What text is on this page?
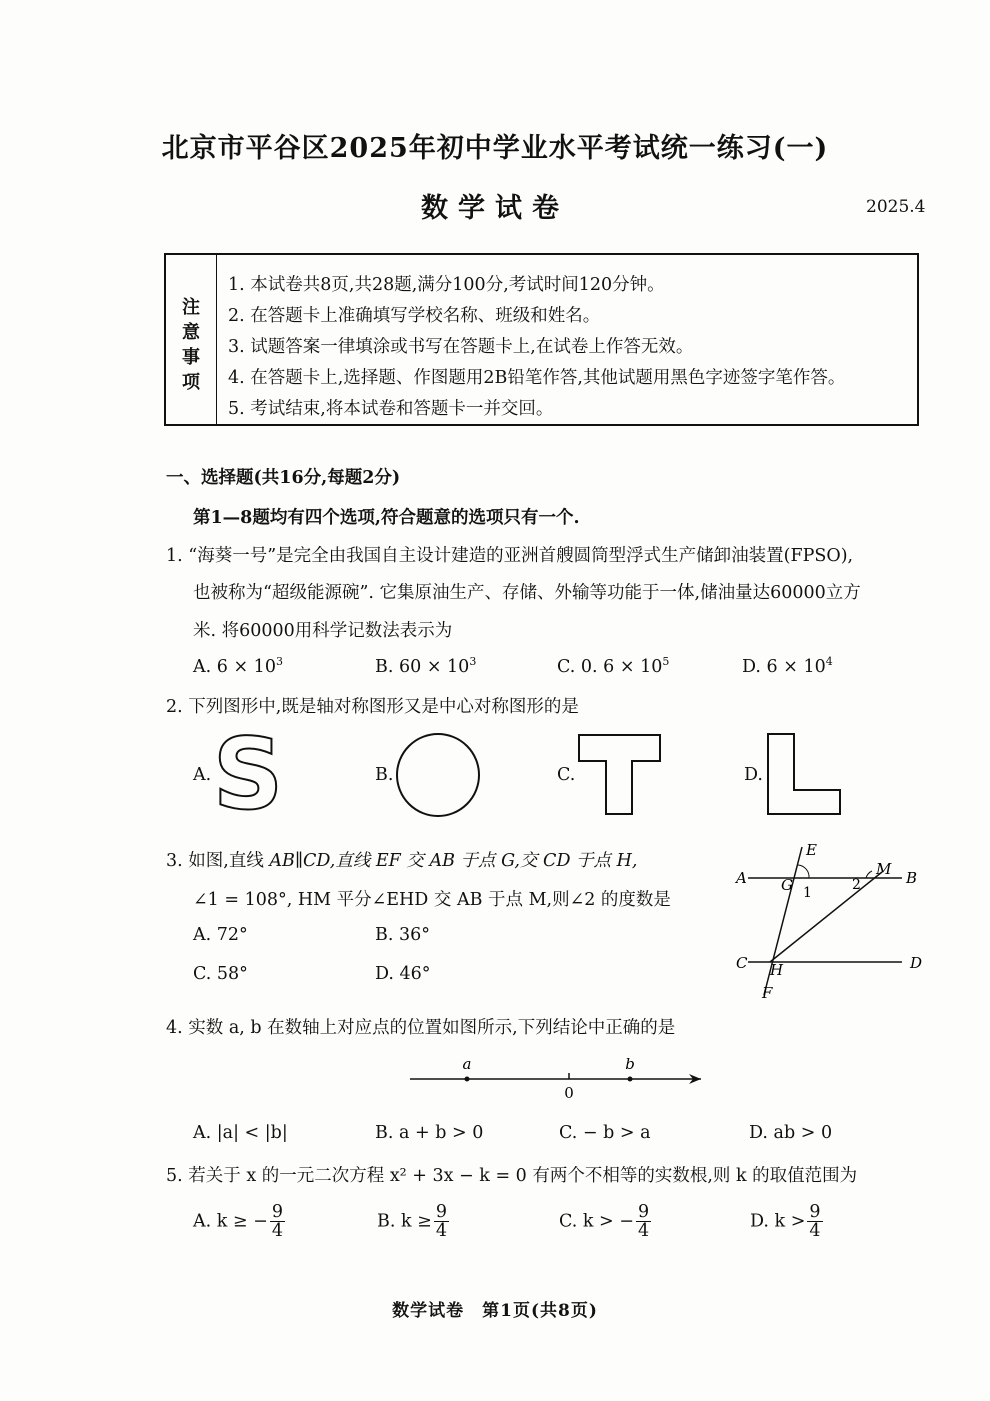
北京市平谷区2025年初中学业水平考试统一练习(一)
数学试卷	2025.4
注
意
事
项
1. 本试卷共8页,共28题,满分100分,考试时间120分钟。
2. 在答题卡上准确填写学校名称、班级和姓名。
3. 试题答案一律填涂或书写在答题卡上,在试卷上作答无效。
4. 在答题卡上,选择题、作图题用2B铅笔作答,其他试题用黑色字迹签字笔作答。
5. 考试结束,将本试卷和答题卡一并交回。
一、选择题(共16分,每题2分)
第1—8题均有四个选项,符合题意的选项只有一个.
1. “海葵一号”是完全由我国自主设计建造的亚洲首艘圆筒型浮式生产储卸油装置(FPSO),
也被称为“超级能源碗”. 它集原油生产、存储、外输等功能于一体,储油量达60000立方
米. 将60000用科学记数法表示为
A. $6 \times 10^3$	B. $60 \times 10^3$	C. 0. $6 \times 10^5$	D. $6 \times 10^4$
2. 下列图形中,既是轴对称图形又是中心对称图形的是
A. S	B.	C.	D.
3. 如图,直线 AB∥CD,直线 EF 交 AB 于点 G,交 CD 于点 H,
∠1 = 108°, HM 平分∠EHD 交 AB 于点 M,则∠2 的度数是
A. 72°	B. 36°
C. 58°	D. 46°
A	B
C	D
E
F
G
H
M
1	2
4. 实数 a, b 在数轴上对应点的位置如图所示,下列结论中正确的是
a	b
0
A. |a| < |b|	B. a + b > 0	C. − b > a	D. ab > 0
5. 若关于 x 的一元二次方程 x² + 3x − k = 0 有两个不相等的实数根,则 k 的取值范围为
A. k ≥ − $\frac{9}{4}$	B. $k \ge \frac{9}{4}$	C. k > − $\frac{9}{4}$	D. $k > \frac{9}{4}$
数学试卷　第1页(共8页)
